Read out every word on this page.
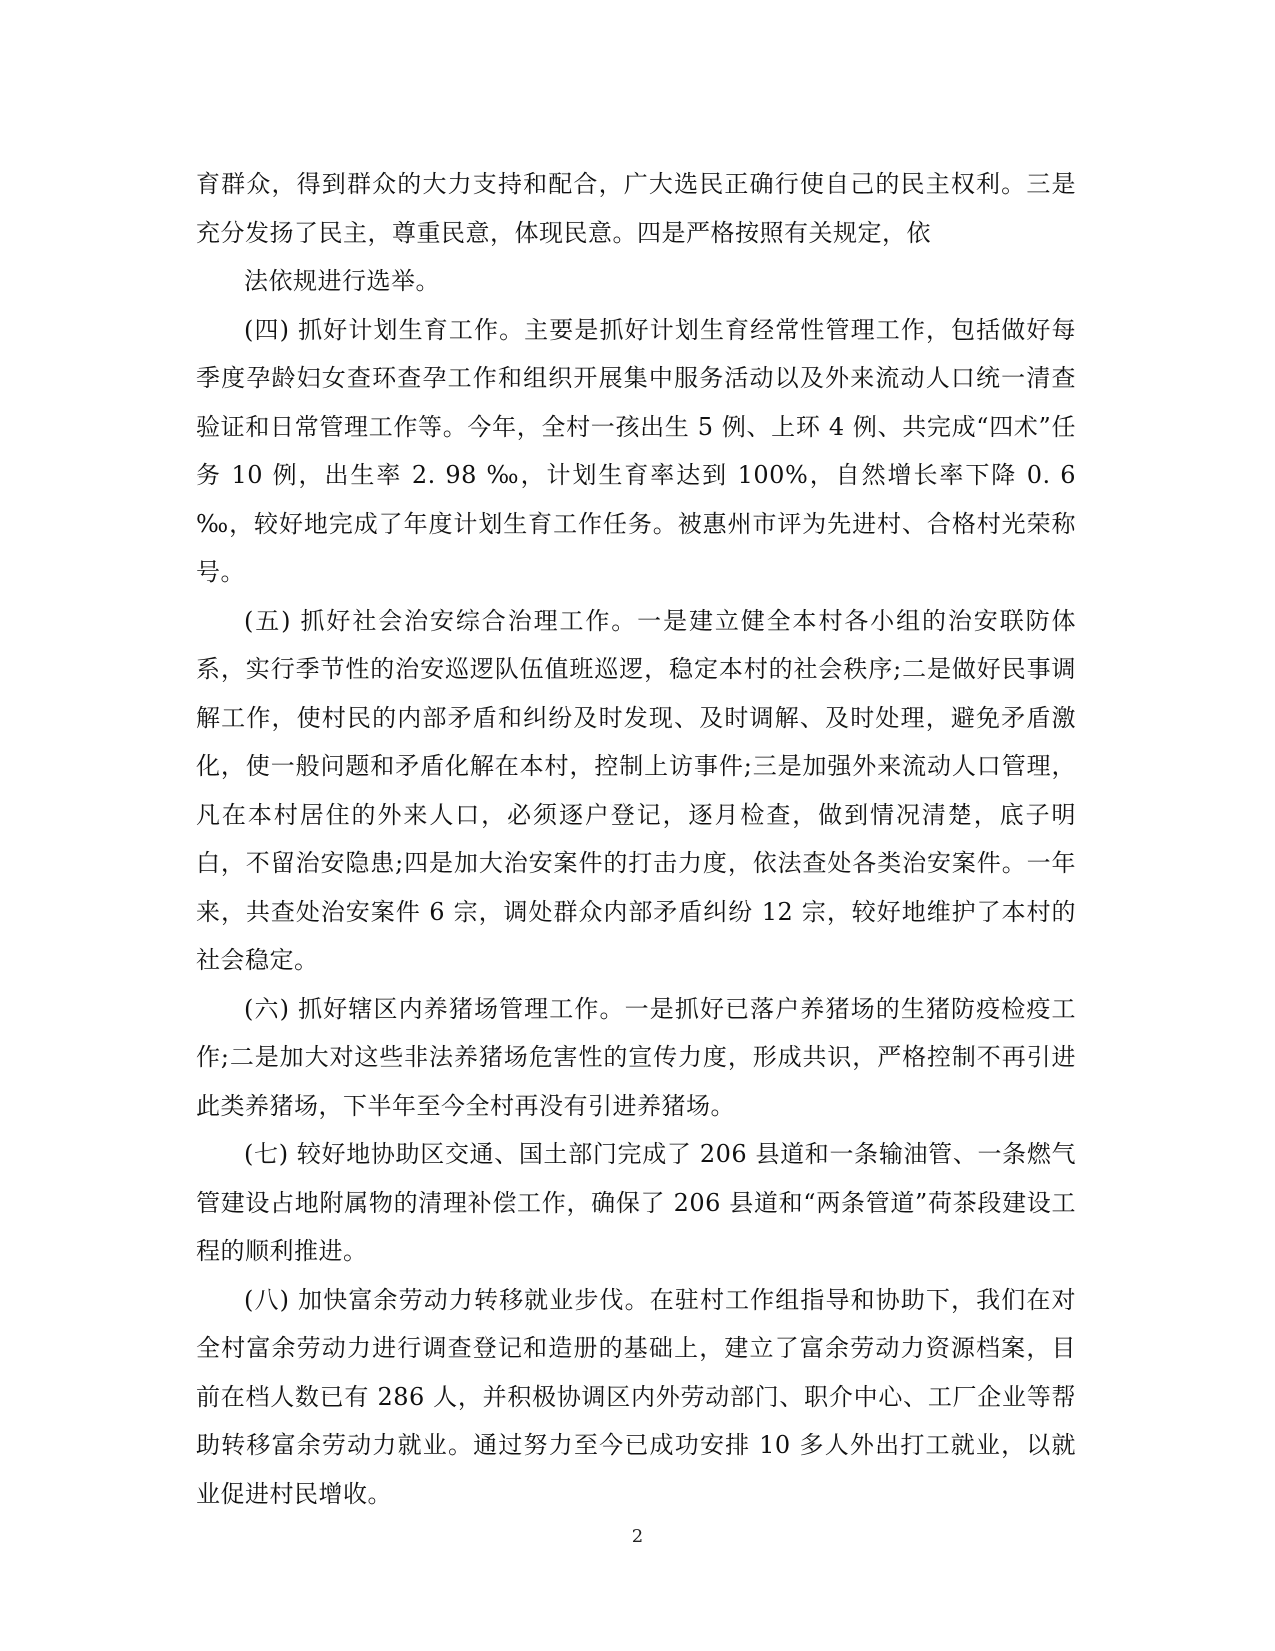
育群众，得到群众的大力支持和配合，广大选民正确行使自己的民主权利。三是充分发扬了民主，尊重民意，体现民意。四是严格按照有关规定，依

法依规进行选举。

(四) 抓好计划生育工作。主要是抓好计划生育经常性管理工作，包括做好每季度孕龄妇女查环查孕工作和组织开展集中服务活动以及外来流动人口统一清查验证和日常管理工作等。今年，全村一孩出生 5 例、上环 4 例、共完成“四术”任务 10 例，出生率 2. 98 ‰，计划生育率达到 100%，自然增长率下降 0. 6 ‰，较好地完成了年度计划生育工作任务。被惠州市评为先进村、合格村光荣称号。

(五) 抓好社会治安综合治理工作。一是建立健全本村各小组的治安联防体系，实行季节性的治安巡逻队伍值班巡逻，稳定本村的社会秩序;二是做好民事调解工作，使村民的内部矛盾和纠纷及时发现、及时调解、及时处理，避免矛盾激化，使一般问题和矛盾化解在本村，控制上访事件;三是加强外来流动人口管理，凡在本村居住的外来人口，必须逐户登记，逐月检查，做到情况清楚，底子明白，不留治安隐患;四是加大治安案件的打击力度，依法查处各类治安案件。一年来，共查处治安案件 6 宗，调处群众内部矛盾纠纷 12 宗，较好地维护了本村的社会稳定。

(六) 抓好辖区内养猪场管理工作。一是抓好已落户养猪场的生猪防疫检疫工作;二是加大对这些非法养猪场危害性的宣传力度，形成共识，严格控制不再引进此类养猪场，下半年至今全村再没有引进养猪场。

(七) 较好地协助区交通、国土部门完成了 206 县道和一条输油管、一条燃气管建设占地附属物的清理补偿工作，确保了 206 县道和“两条管道”荷茶段建设工程的顺利推进。

(八) 加快富余劳动力转移就业步伐。在驻村工作组指导和协助下，我们在对全村富余劳动力进行调查登记和造册的基础上，建立了富余劳动力资源档案，目前在档人数已有 286 人，并积极协调区内外劳动部门、职介中心、工厂企业等帮助转移富余劳动力就业。通过努力至今已成功安排 10 多人外出打工就业，以就业促进村民增收。

2
